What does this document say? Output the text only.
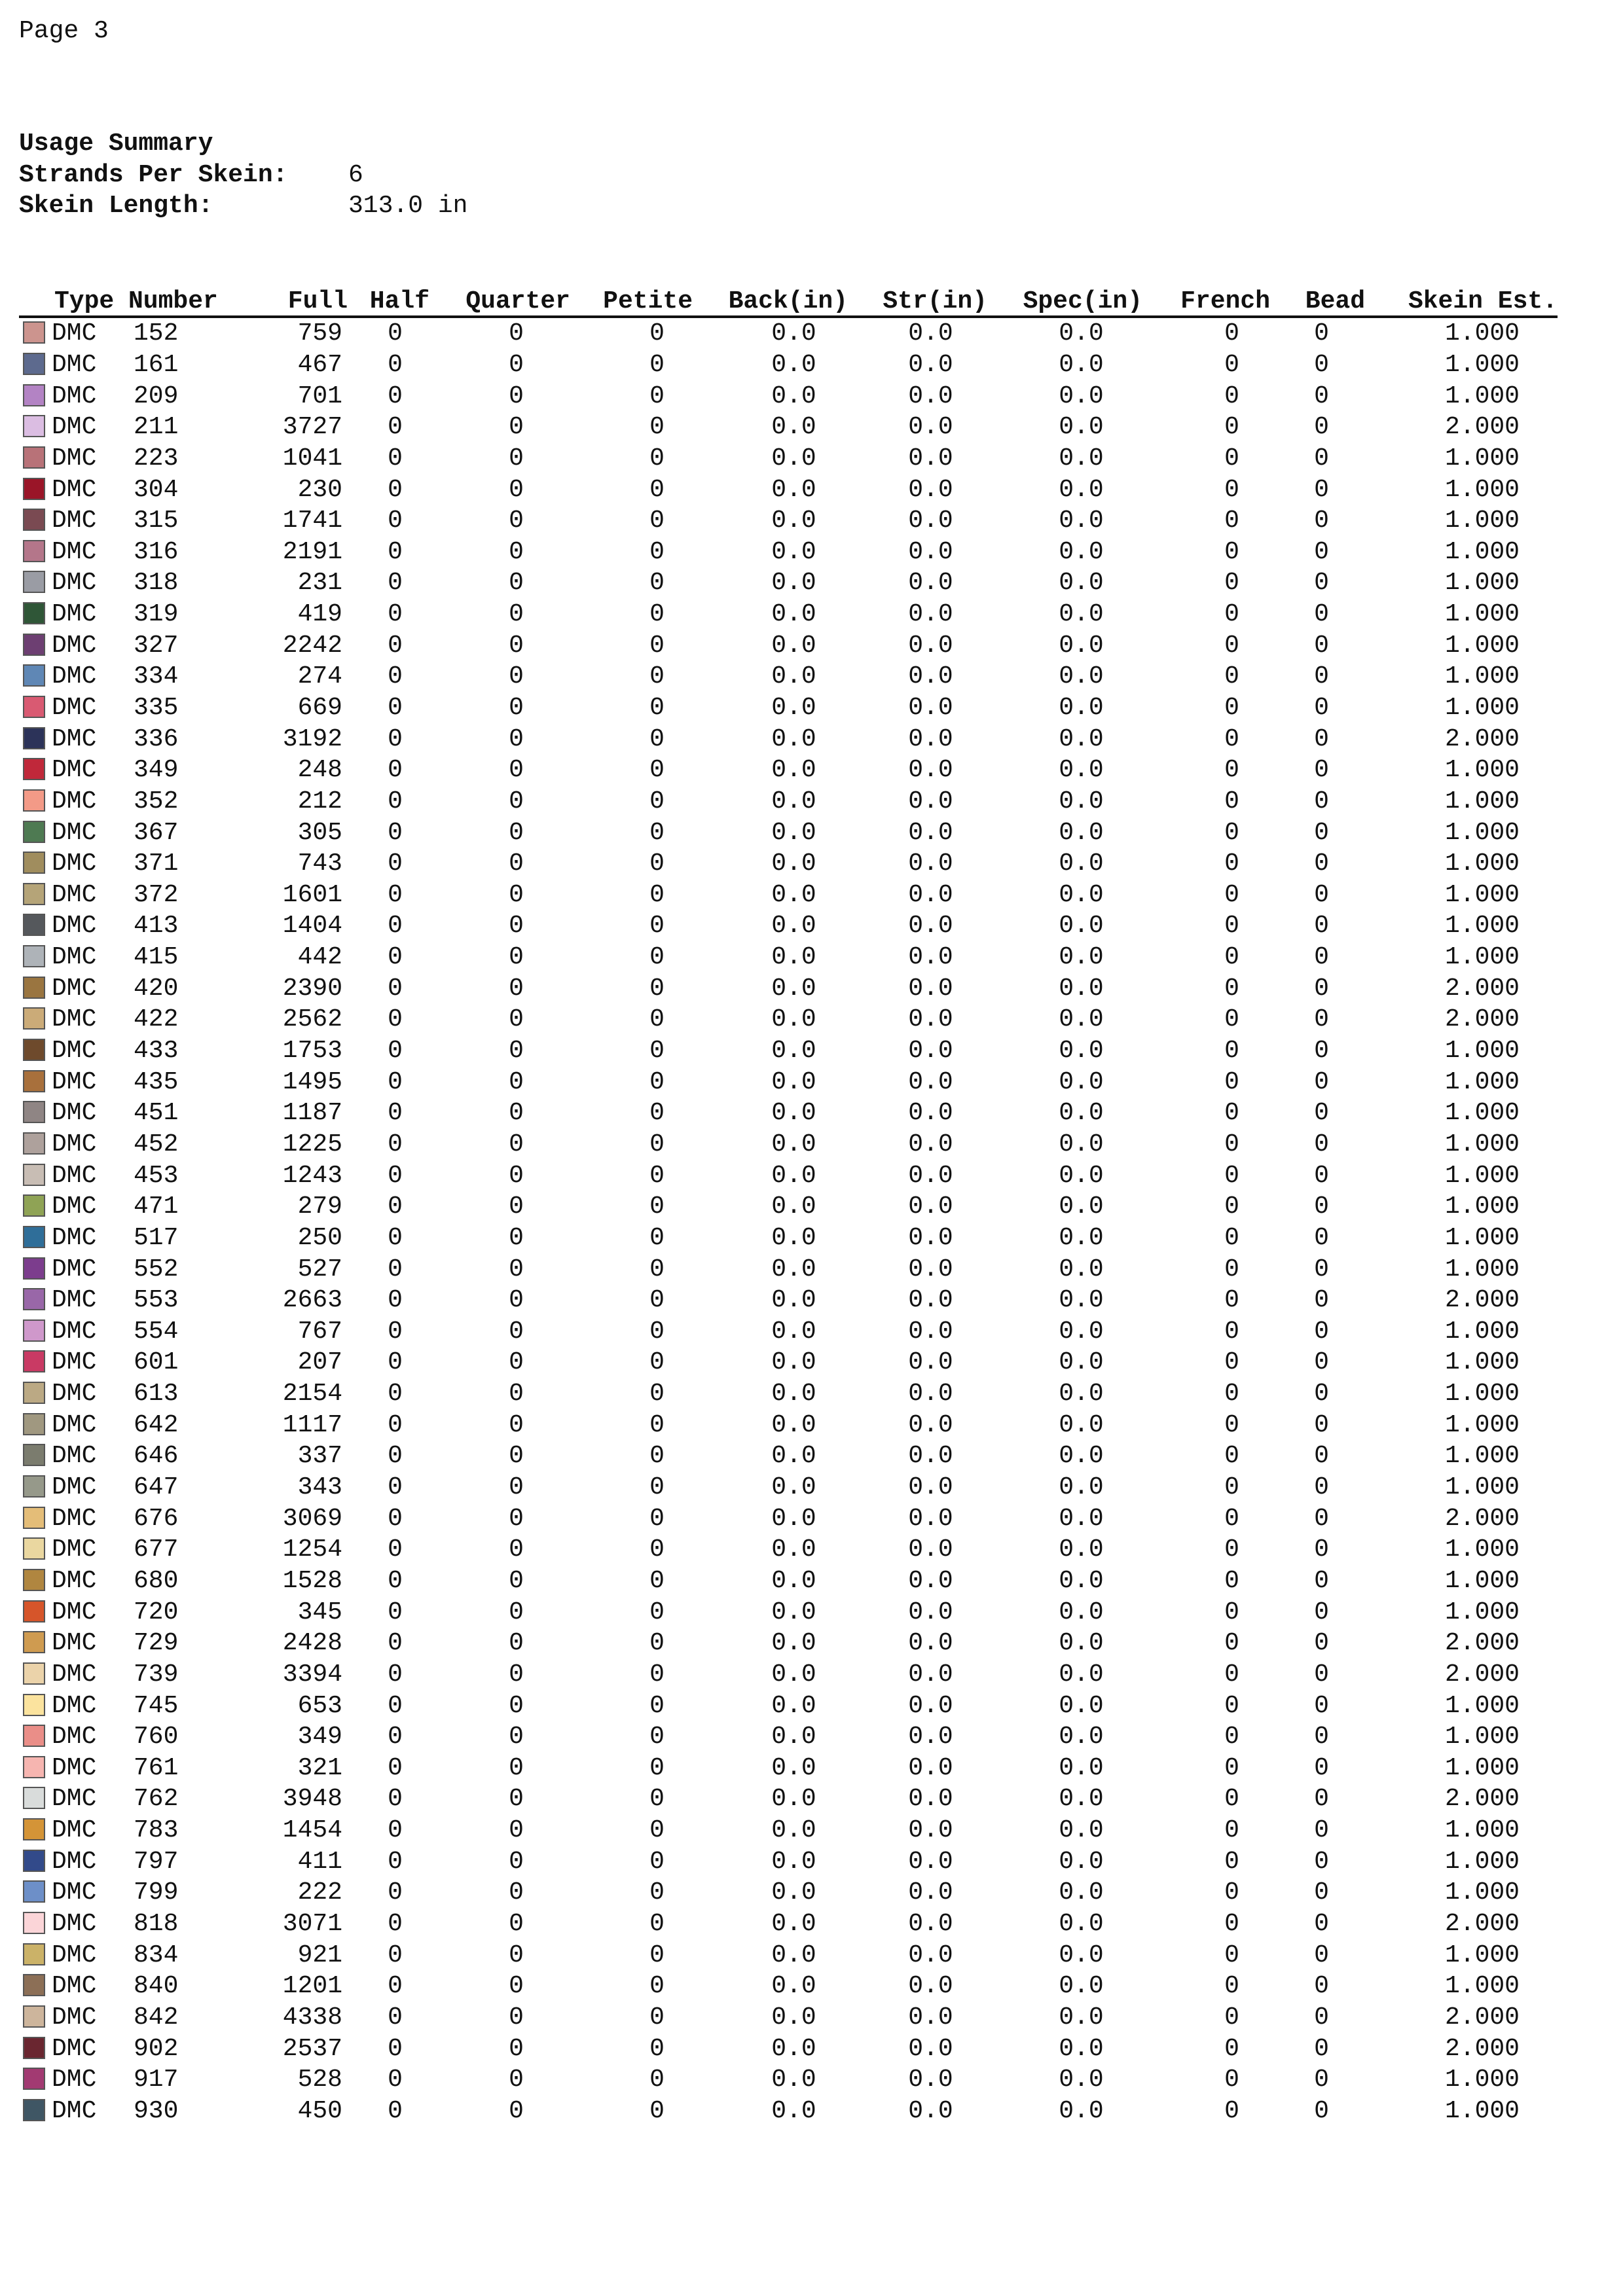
Page 3
Usage Summary
Strands Per Skein: 6
Skein Length:	313.0 in
Type	Number	Full	Half	Quarter	Petite	Back(in)	Str(in)	Spec(in)	French	Bead	Skein Est.
DMC	152	759	0	0	0	0.0	0.0	0.0	0	0	1.000
DMC	161	467	0	0	0	0.0	0.0	0.0	0	0	1.000
DMC	209	701	0	0	0	0.0	0.0	0.0	0	0	1.000
DMC	211	3727	0	0	0	0.0	0.0	0.0	0	0	2.000
DMC	223	1041	0	0	0	0.0	0.0	0.0	0	0	1.000
DMC	304	230	0	0	0	0.0	0.0	0.0	0	0	1.000
DMC	315	1741	0	0	0	0.0	0.0	0.0	0	0	1.000
DMC	316	2191	0	0	0	0.0	0.0	0.0	0	0	1.000
DMC	318	231	0	0	0	0.0	0.0	0.0	0	0	1.000
DMC	319	419	0	0	0	0.0	0.0	0.0	0	0	1.000
DMC	327	2242	0	0	0	0.0	0.0	0.0	0	0	1.000
DMC	334	274	0	0	0	0.0	0.0	0.0	0	0	1.000
DMC	335	669	0	0	0	0.0	0.0	0.0	0	0	1.000
DMC	336	3192	0	0	0	0.0	0.0	0.0	0	0	2.000
DMC	349	248	0	0	0	0.0	0.0	0.0	0	0	1.000
DMC	352	212	0	0	0	0.0	0.0	0.0	0	0	1.000
DMC	367	305	0	0	0	0.0	0.0	0.0	0	0	1.000
DMC	371	743	0	0	0	0.0	0.0	0.0	0	0	1.000
DMC	372	1601	0	0	0	0.0	0.0	0.0	0	0	1.000
DMC	413	1404	0	0	0	0.0	0.0	0.0	0	0	1.000
DMC	415	442	0	0	0	0.0	0.0	0.0	0	0	1.000
DMC	420	2390	0	0	0	0.0	0.0	0.0	0	0	2.000
DMC	422	2562	0	0	0	0.0	0.0	0.0	0	0	2.000
DMC	433	1753	0	0	0	0.0	0.0	0.0	0	0	1.000
DMC	435	1495	0	0	0	0.0	0.0	0.0	0	0	1.000
DMC	451	1187	0	0	0	0.0	0.0	0.0	0	0	1.000
DMC	452	1225	0	0	0	0.0	0.0	0.0	0	0	1.000
DMC	453	1243	0	0	0	0.0	0.0	0.0	0	0	1.000
DMC	471	279	0	0	0	0.0	0.0	0.0	0	0	1.000
DMC	517	250	0	0	0	0.0	0.0	0.0	0	0	1.000
DMC	552	527	0	0	0	0.0	0.0	0.0	0	0	1.000
DMC	553	2663	0	0	0	0.0	0.0	0.0	0	0	2.000
DMC	554	767	0	0	0	0.0	0.0	0.0	0	0	1.000
DMC	601	207	0	0	0	0.0	0.0	0.0	0	0	1.000
DMC	613	2154	0	0	0	0.0	0.0	0.0	0	0	1.000
DMC	642	1117	0	0	0	0.0	0.0	0.0	0	0	1.000
DMC	646	337	0	0	0	0.0	0.0	0.0	0	0	1.000
DMC	647	343	0	0	0	0.0	0.0	0.0	0	0	1.000
DMC	676	3069	0	0	0	0.0	0.0	0.0	0	0	2.000
DMC	677	1254	0	0	0	0.0	0.0	0.0	0	0	1.000
DMC	680	1528	0	0	0	0.0	0.0	0.0	0	0	1.000
DMC	720	345	0	0	0	0.0	0.0	0.0	0	0	1.000
DMC	729	2428	0	0	0	0.0	0.0	0.0	0	0	2.000
DMC	739	3394	0	0	0	0.0	0.0	0.0	0	0	2.000
DMC	745	653	0	0	0	0.0	0.0	0.0	0	0	1.000
DMC	760	349	0	0	0	0.0	0.0	0.0	0	0	1.000
DMC	761	321	0	0	0	0.0	0.0	0.0	0	0	1.000
DMC	762	3948	0	0	0	0.0	0.0	0.0	0	0	2.000
DMC	783	1454	0	0	0	0.0	0.0	0.0	0	0	1.000
DMC	797	411	0	0	0	0.0	0.0	0.0	0	0	1.000
DMC	799	222	0	0	0	0.0	0.0	0.0	0	0	1.000
DMC	818	3071	0	0	0	0.0	0.0	0.0	0	0	2.000
DMC	834	921	0	0	0	0.0	0.0	0.0	0	0	1.000
DMC	840	1201	0	0	0	0.0	0.0	0.0	0	0	1.000
DMC	842	4338	0	0	0	0.0	0.0	0.0	0	0	2.000
DMC	902	2537	0	0	0	0.0	0.0	0.0	0	0	2.000
DMC	917	528	0	0	0	0.0	0.0	0.0	0	0	1.000
DMC	930	450	0	0	0	0.0	0.0	0.0	0	0	1.000
